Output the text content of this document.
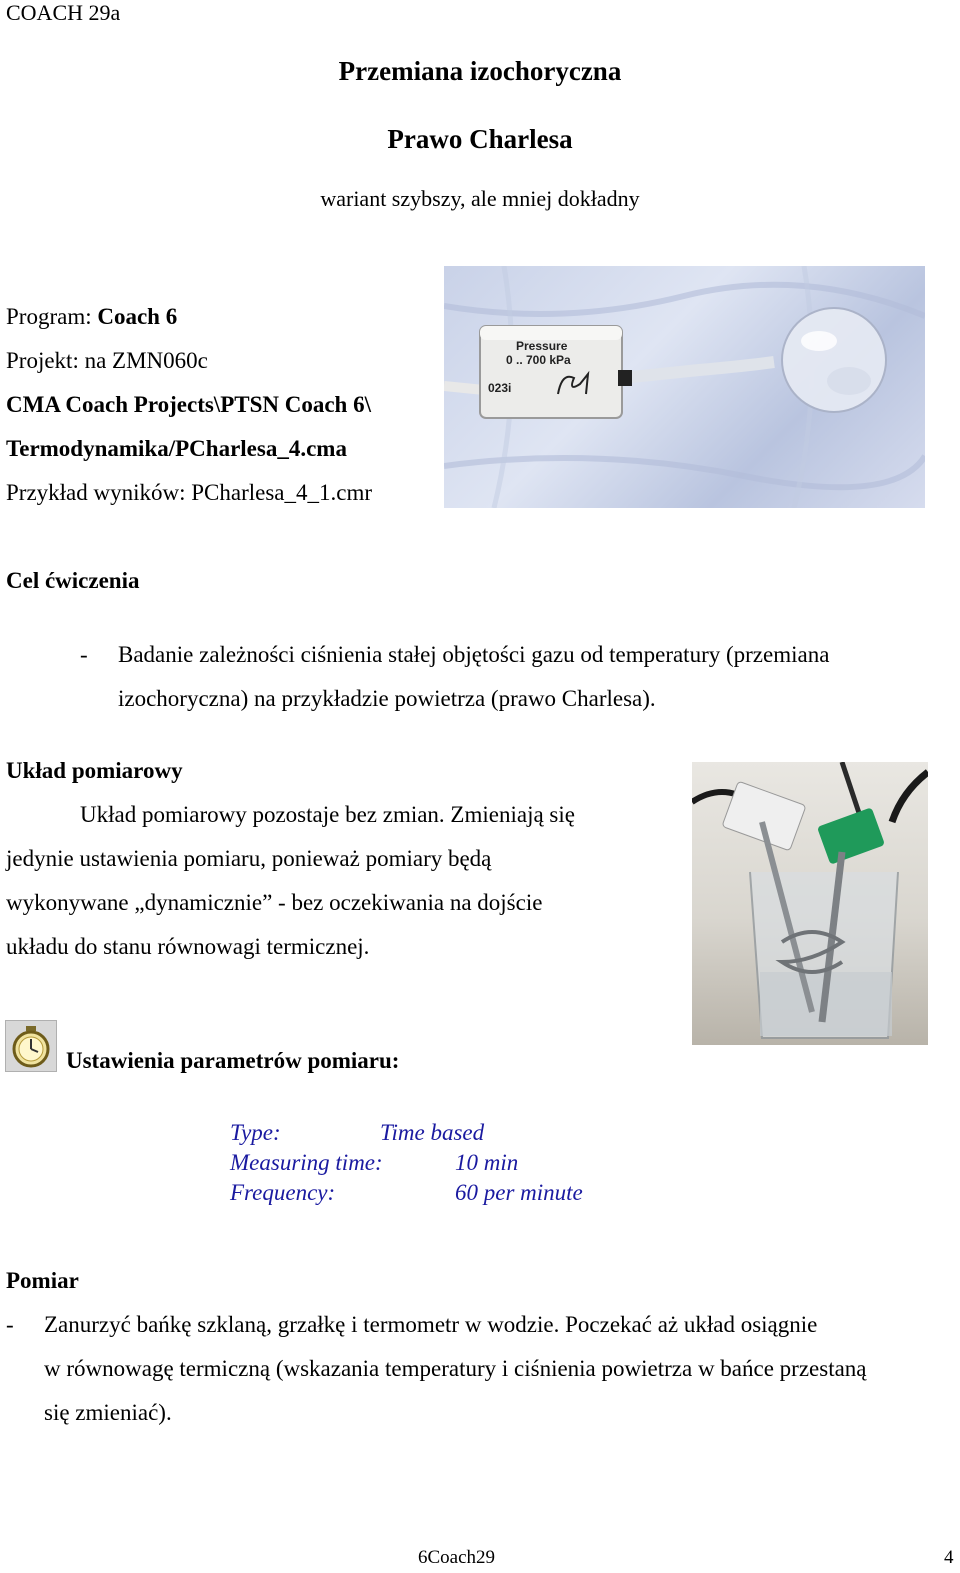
COACH 29a
Przemiana izochoryczna
Prawo Charlesa
wariant szybszy, ale mniej dokładny
Program: Coach 6
Projekt: na ZMN060c
CMA Coach Projects\PTSN Coach 6\
Termodynamika/PCharlesa_4.cma
Przykład wyników: PCharlesa_4_1.cmr
Pressure
0 .. 700 kPa
023i
Cel ćwiczenia
- Badanie zależności ciśnienia stałej objętości gazu od temperatury (przemiana
izochoryczna) na przykładzie powietrza (prawo Charlesa).
Układ pomiarowy
Układ pomiarowy pozostaje bez zmian. Zmieniają się
jedynie ustawienia pomiaru, ponieważ pomiary będą
wykonywane „dynamicznie” - bez oczekiwania na dojście
układu do stanu równowagi termicznej.
Ustawienia parametrów pomiaru:
Type:	Time based
Measuring time:	10 min
Frequency:	60 per minute
Pomiar
- Zanurzyć bańkę szklaną, grzałkę i termometr w wodzie. Poczekać aż układ osiągnie
w równowagę termiczną (wskazania temperatury i ciśnienia powietrza w bańce przestaną
się zmieniać).
6Coach29	4
